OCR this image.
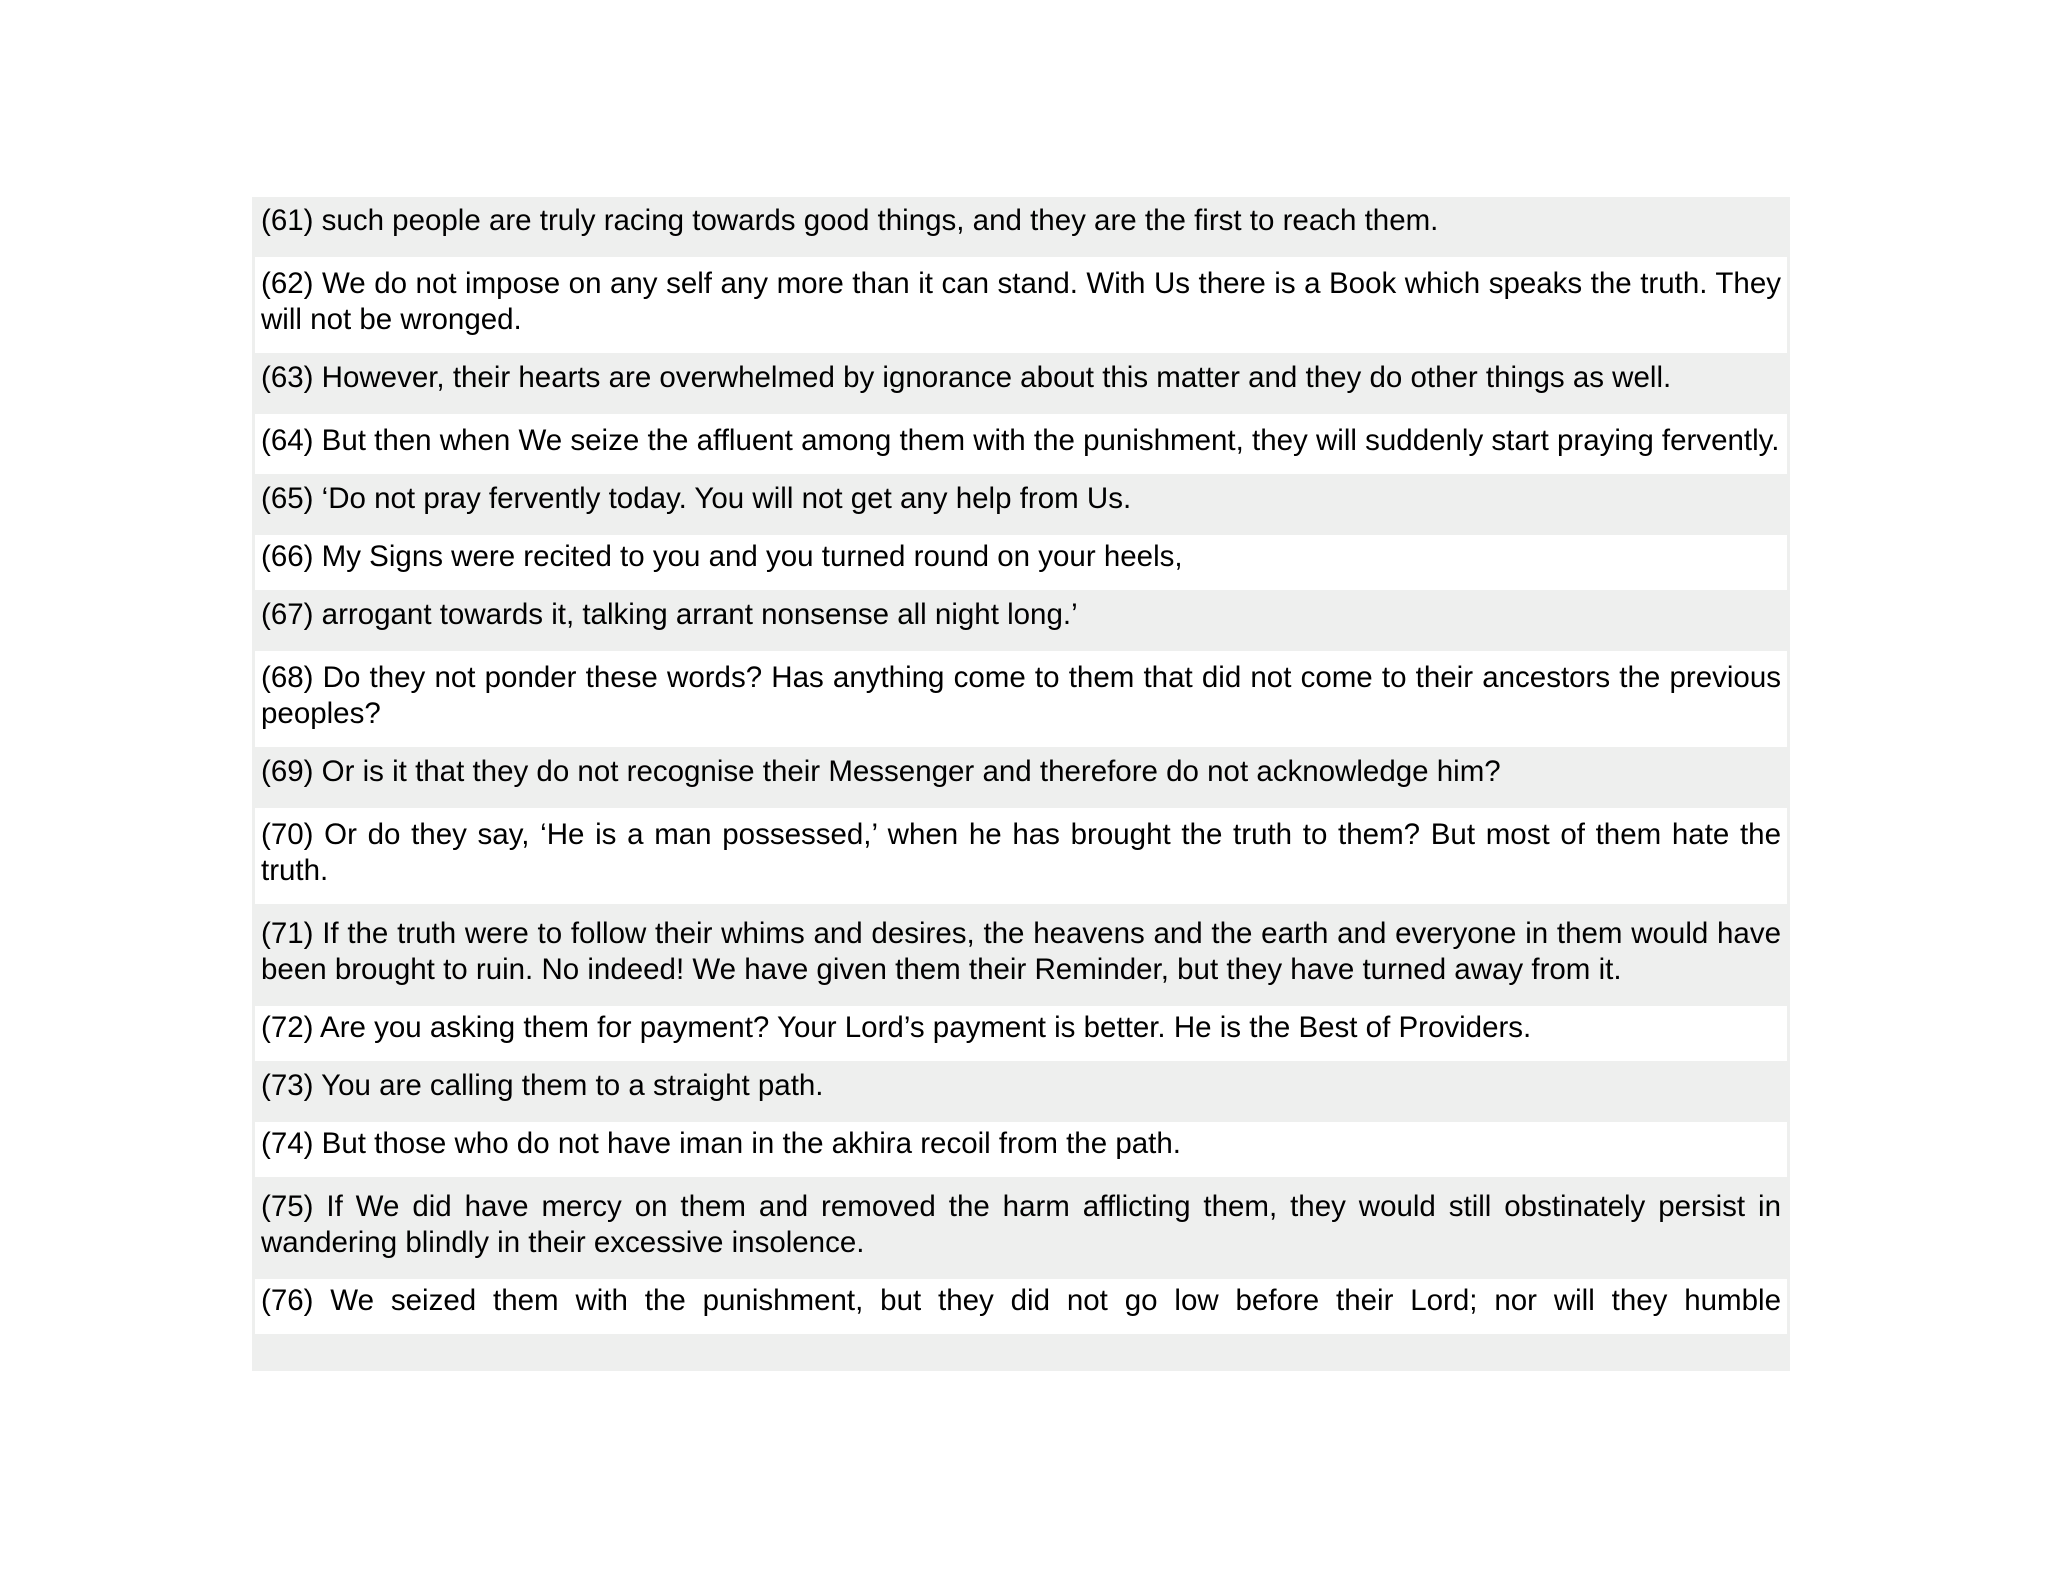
(61) such people are truly racing towards good things, and they are the first to reach them.
(62) We do not impose on any self any more than it can stand. With Us there is a Book which speaks the truth. They will not be wronged.
(63) However, their hearts are overwhelmed by ignorance about this matter and they do other things as well.
(64) But then when We seize the affluent among them with the punishment, they will suddenly start praying fervently.
(65) ‘Do not pray fervently today. You will not get any help from Us.
(66) My Signs were recited to you and you turned round on your heels,
(67) arrogant towards it, talking arrant nonsense all night long.’
(68) Do they not ponder these words? Has anything come to them that did not come to their ancestors the previous peoples?
(69) Or is it that they do not recognise their Messenger and therefore do not acknowledge him?
(70) Or do they say, ‘He is a man possessed,’ when he has brought the truth to them? But most of them hate the truth.
(71) If the truth were to follow their whims and desires, the heavens and the earth and everyone in them would have been brought to ruin. No indeed! We have given them their Reminder, but they have turned away from it.
(72) Are you asking them for payment? Your Lord’s payment is better. He is the Best of Providers.
(73) You are calling them to a straight path.
(74) But those who do not have iman in the akhira recoil from the path.
(75) If We did have mercy on them and removed the harm afflicting them, they would still obstinately persist in wandering blindly in their excessive insolence.
(76) We seized them with the punishment, but they did not go low before their Lord; nor will they humble
